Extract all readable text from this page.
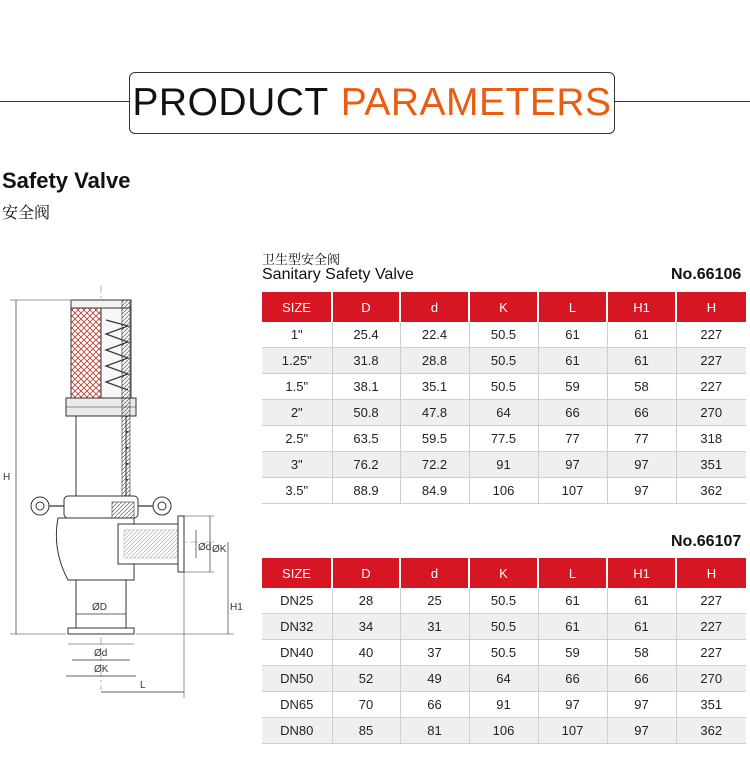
PRODUCT PARAMETERS
Safety Valve
安全阀
卫生型安全阀
Sanitary Safety Valve
H
H1
Ød ØK
ØD
Ød
ØK
L
No.66106
SIZE	D	d	K	L	H1	H
1"	25.4	22.4	50.5	61	61	227
1.25"	31.8	28.8	50.5	61	61	227
1.5"	38.1	35.1	50.5	59	58	227
2"	50.8	47.8	64	66	66	270
2.5"	63.5	59.5	77.5	77	77	318
3"	76.2	72.2	91	97	97	351
3.5"	88.9	84.9	106	107	97	362
No.66107
SIZE	D	d	K	L	H1	H
DN25	28	25	50.5	61	61	227
DN32	34	31	50.5	61	61	227
DN40	40	37	50.5	59	58	227
DN50	52	49	64	66	66	270
DN65	70	66	91	97	97	351
DN80	85	81	106	107	97	362
